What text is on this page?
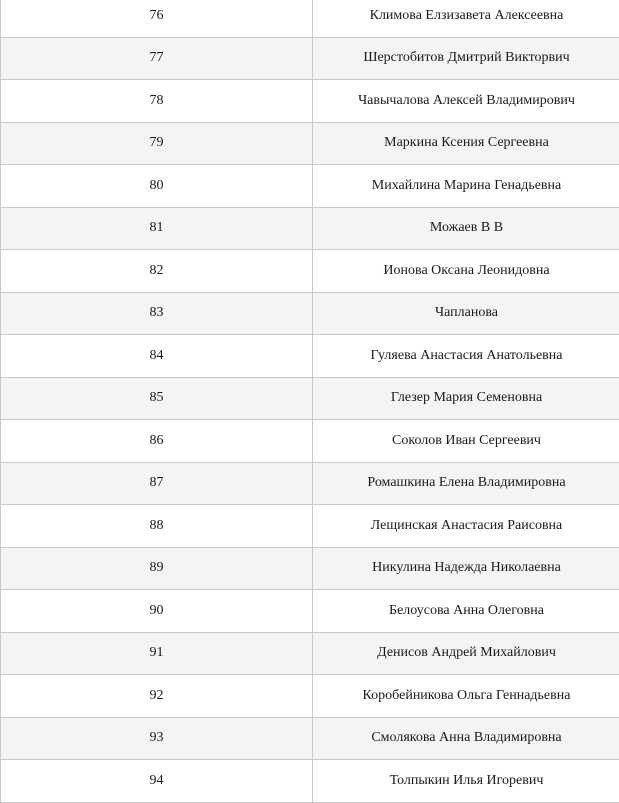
76	Климова Елзизавета Алексеевна
77	Шерстобитов Дмитрий Викторвич
78	Чавычалова Алексей Владимирович
79	Маркина Ксения Сергеевна
80	Михайлина Марина Генадьевна
81	Можаев В В
82	Ионова Оксана Леонидовна
83	Чапланова
84	Гуляева Анастасия Анатольевна
85	Глезер Мария Семеновна
86	Соколов Иван Сергеевич
87	Ромашкина Елена Владимировна
88	Лещинская Анастасия Раисовна
89	Никулина Надежда Николаевна
90	Белоусова Анна Олеговна
91	Денисов Андрей Михайлович
92	Коробейникова Ольга Геннадьевна
93	Смолякова Анна Владимировна
94	Толпыкин Илья Игоревич
